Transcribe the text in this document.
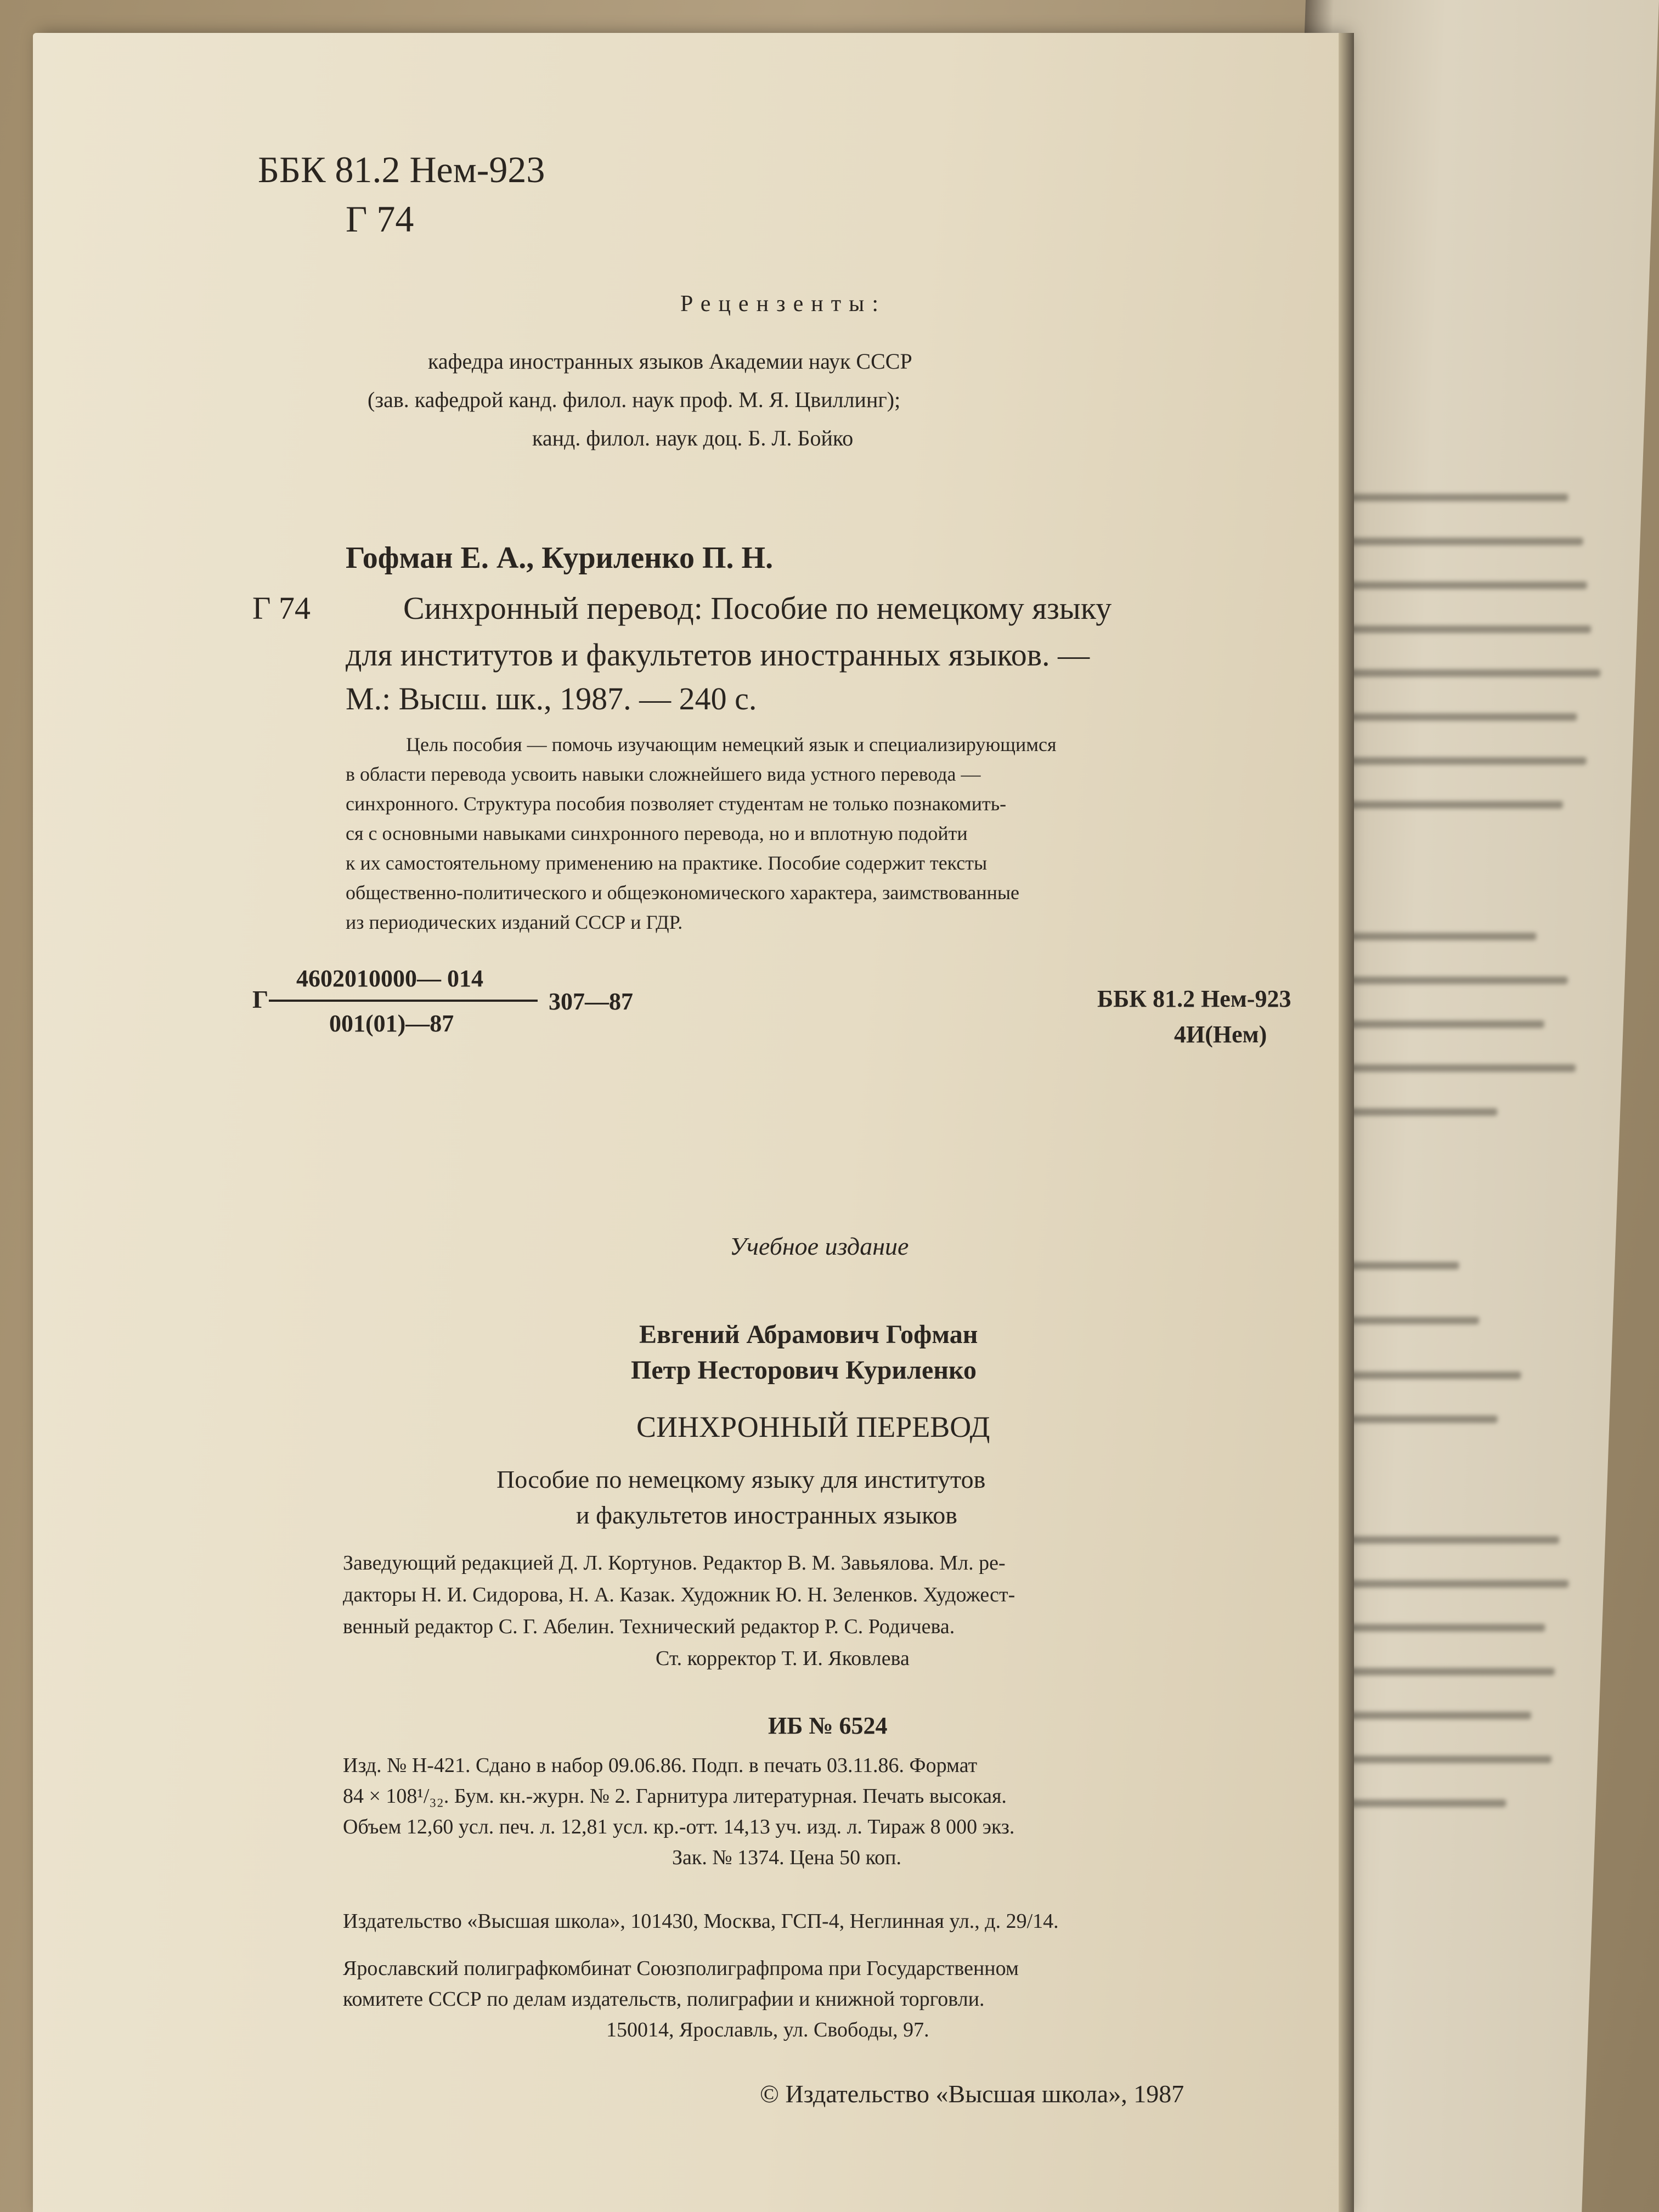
ББК 81.2 Нем-923
Г 74
Рецензенты:
кафедра иностранных языков Академии наук СССР
(зав. кафедрой канд. филол. наук проф. М. Я. Цвиллинг);
канд. филол. наук доц. Б. Л. Бойко
Гофман Е. А., Куриленко П. Н.
Г 74	Синхронный перевод: Пособие по немецкому языку
для институтов и факультетов иностранных языков. —
М.: Высш. шк., 1987. — 240 с.

Цель пособия — помочь изучающим немецкий язык и специализирующимся

в области перевода усвоить навыки сложнейшего вида устного перевода —

синхронного. Структура пособия позволяет студентам не только познакомить-

ся с основными навыками синхронного перевода, но и вплотную подойти

к их самостоятельному применению на практике. Пособие содержит тексты

общественно-политического и общеэкономического характера, заимствованные

из периодических изданий СССР и ГДР.

Г
4602010000— 014
001(01)—87
307—87	ББК 81.2 Нем-923
4И(Нем)
Учебное издание
Евгений Абрамович Гофман
Петр Несторович Куриленко
СИНХРОННЫЙ ПЕРЕВОД
Пособие по немецкому языку для институтов
и факультетов иностранных языков

Заведующий редакцией Д. Л. Кортунов. Редактор В. М. Завьялова. Мл. ре-

дакторы Н. И. Сидорова, Н. А. Казак. Художник Ю. Н. Зеленков. Художест-

венный редактор С. Г. Абелин. Технический редактор Р. С. Родичева.

Ст. корректор Т. И. Яковлева

ИБ № 6524

Изд. № Н-421. Сдано в набор 09.06.86. Подп. в печать 03.11.86. Формат

84 × 108¹/₃₂. Бум. кн.-журн. № 2. Гарнитура литературная. Печать высокая.

Объем 12,60 усл. печ. л. 12,81 усл. кр.-отт. 14,13 уч. изд. л. Тираж 8 000 экз.

Зак. № 1374. Цена 50 коп.

Издательство «Высшая школа», 101430, Москва, ГСП-4, Неглинная ул., д. 29/14.

Ярославский полиграфкомбинат Союзполиграфпрома при Государственном

комитете СССР по делам издательств, полиграфии и книжной торговли.

150014, Ярославль, ул. Свободы, 97.

© Издательство «Высшая школа», 1987
